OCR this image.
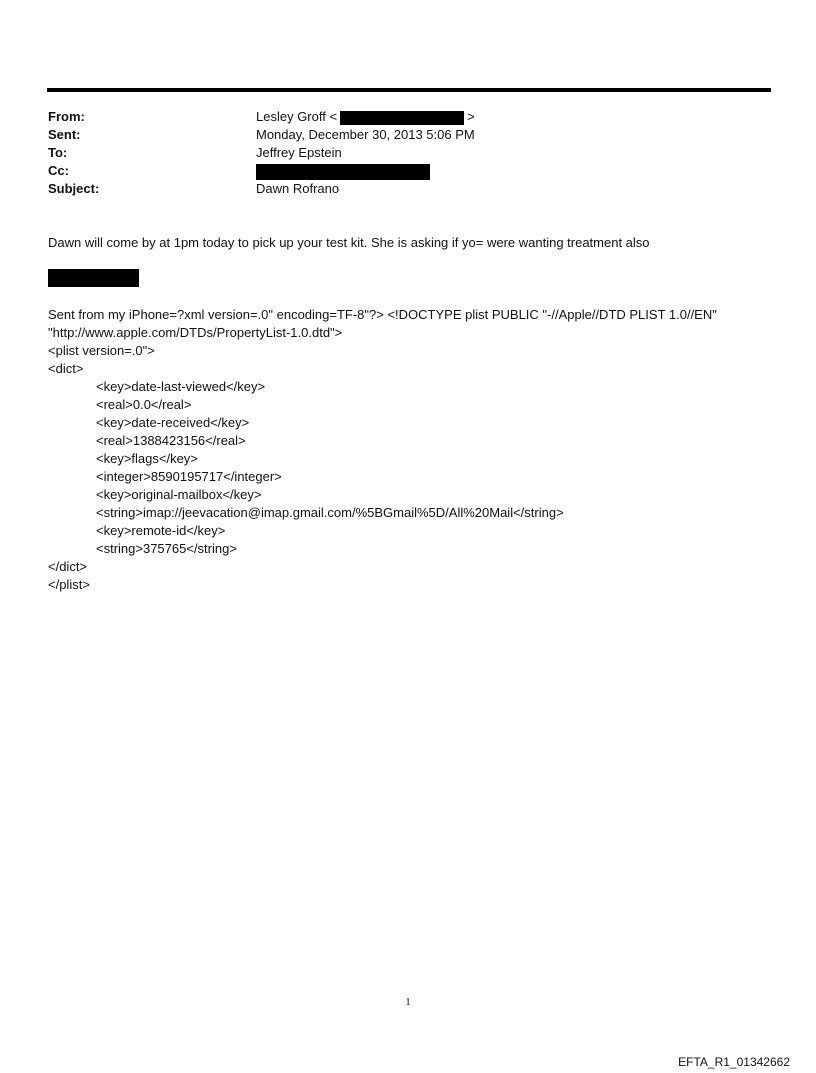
From:	Lesley Groff <	>
Sent:	Monday, December 30, 2013 5:06 PM
To:	Jeffrey Epstein
Cc:
Subject:	Dawn Rofrano
Dawn will come by at 1pm today to pick up your test kit. She is asking if yo= were wanting treatment also
Sent from my iPhone=?xml version=.0" encoding=TF-8"?> <!DOCTYPE plist PUBLIC "-//Apple//DTD PLIST 1.0//EN"
"http://www.apple.com/DTDs/PropertyList-1.0.dtd">
<plist version=.0">
<dict>
<key>date-last-viewed</key>
<real>0.0</real>
<key>date-received</key>
<real>1388423156</real>
<key>flags</key>
<integer>8590195717</integer>
<key>original-mailbox</key>
<string>imap://jeevacation@imap.gmail.com/%5BGmail%5D/All%20Mail</string>
<key>remote-id</key>
<string>375765</string>
</dict>
</plist>
1
EFTA_R1_01342662
